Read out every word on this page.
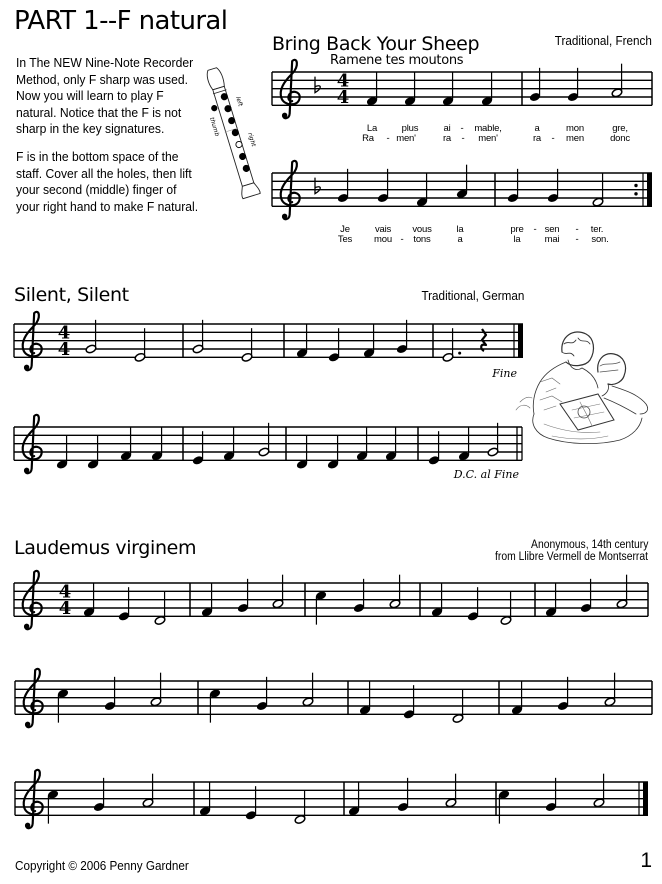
PART 1--F natural
In The NEW Nine-Note Recorder
Method, only F sharp was used.
Now you will learn to play F
natural. Notice that the F is not
sharp in the key signatures.
F is in the bottom space of the
staff. Cover all the holes, then lift
your second (middle) finger of
your right hand to make F natural.
Bring Back Your Sheep
Ramene tes moutons
Traditional, French
Silent, Silent	Traditional, German
Laudemus virginem	Anonymous, 14th century
from Llibre Vermell de Montserrat
Copyright © 2006 Penny Gardner	1
thumb
left
right
4
4
La	plus	ai - mable,	a	mon	gre,
Ra - men'	ra - men'	ra - men	donc
Je	vais vous	la	pre - sen - ter.
Tes mou - tons	a	la	mai - son.
4
4
Fine
D.C. al Fine
4
4
